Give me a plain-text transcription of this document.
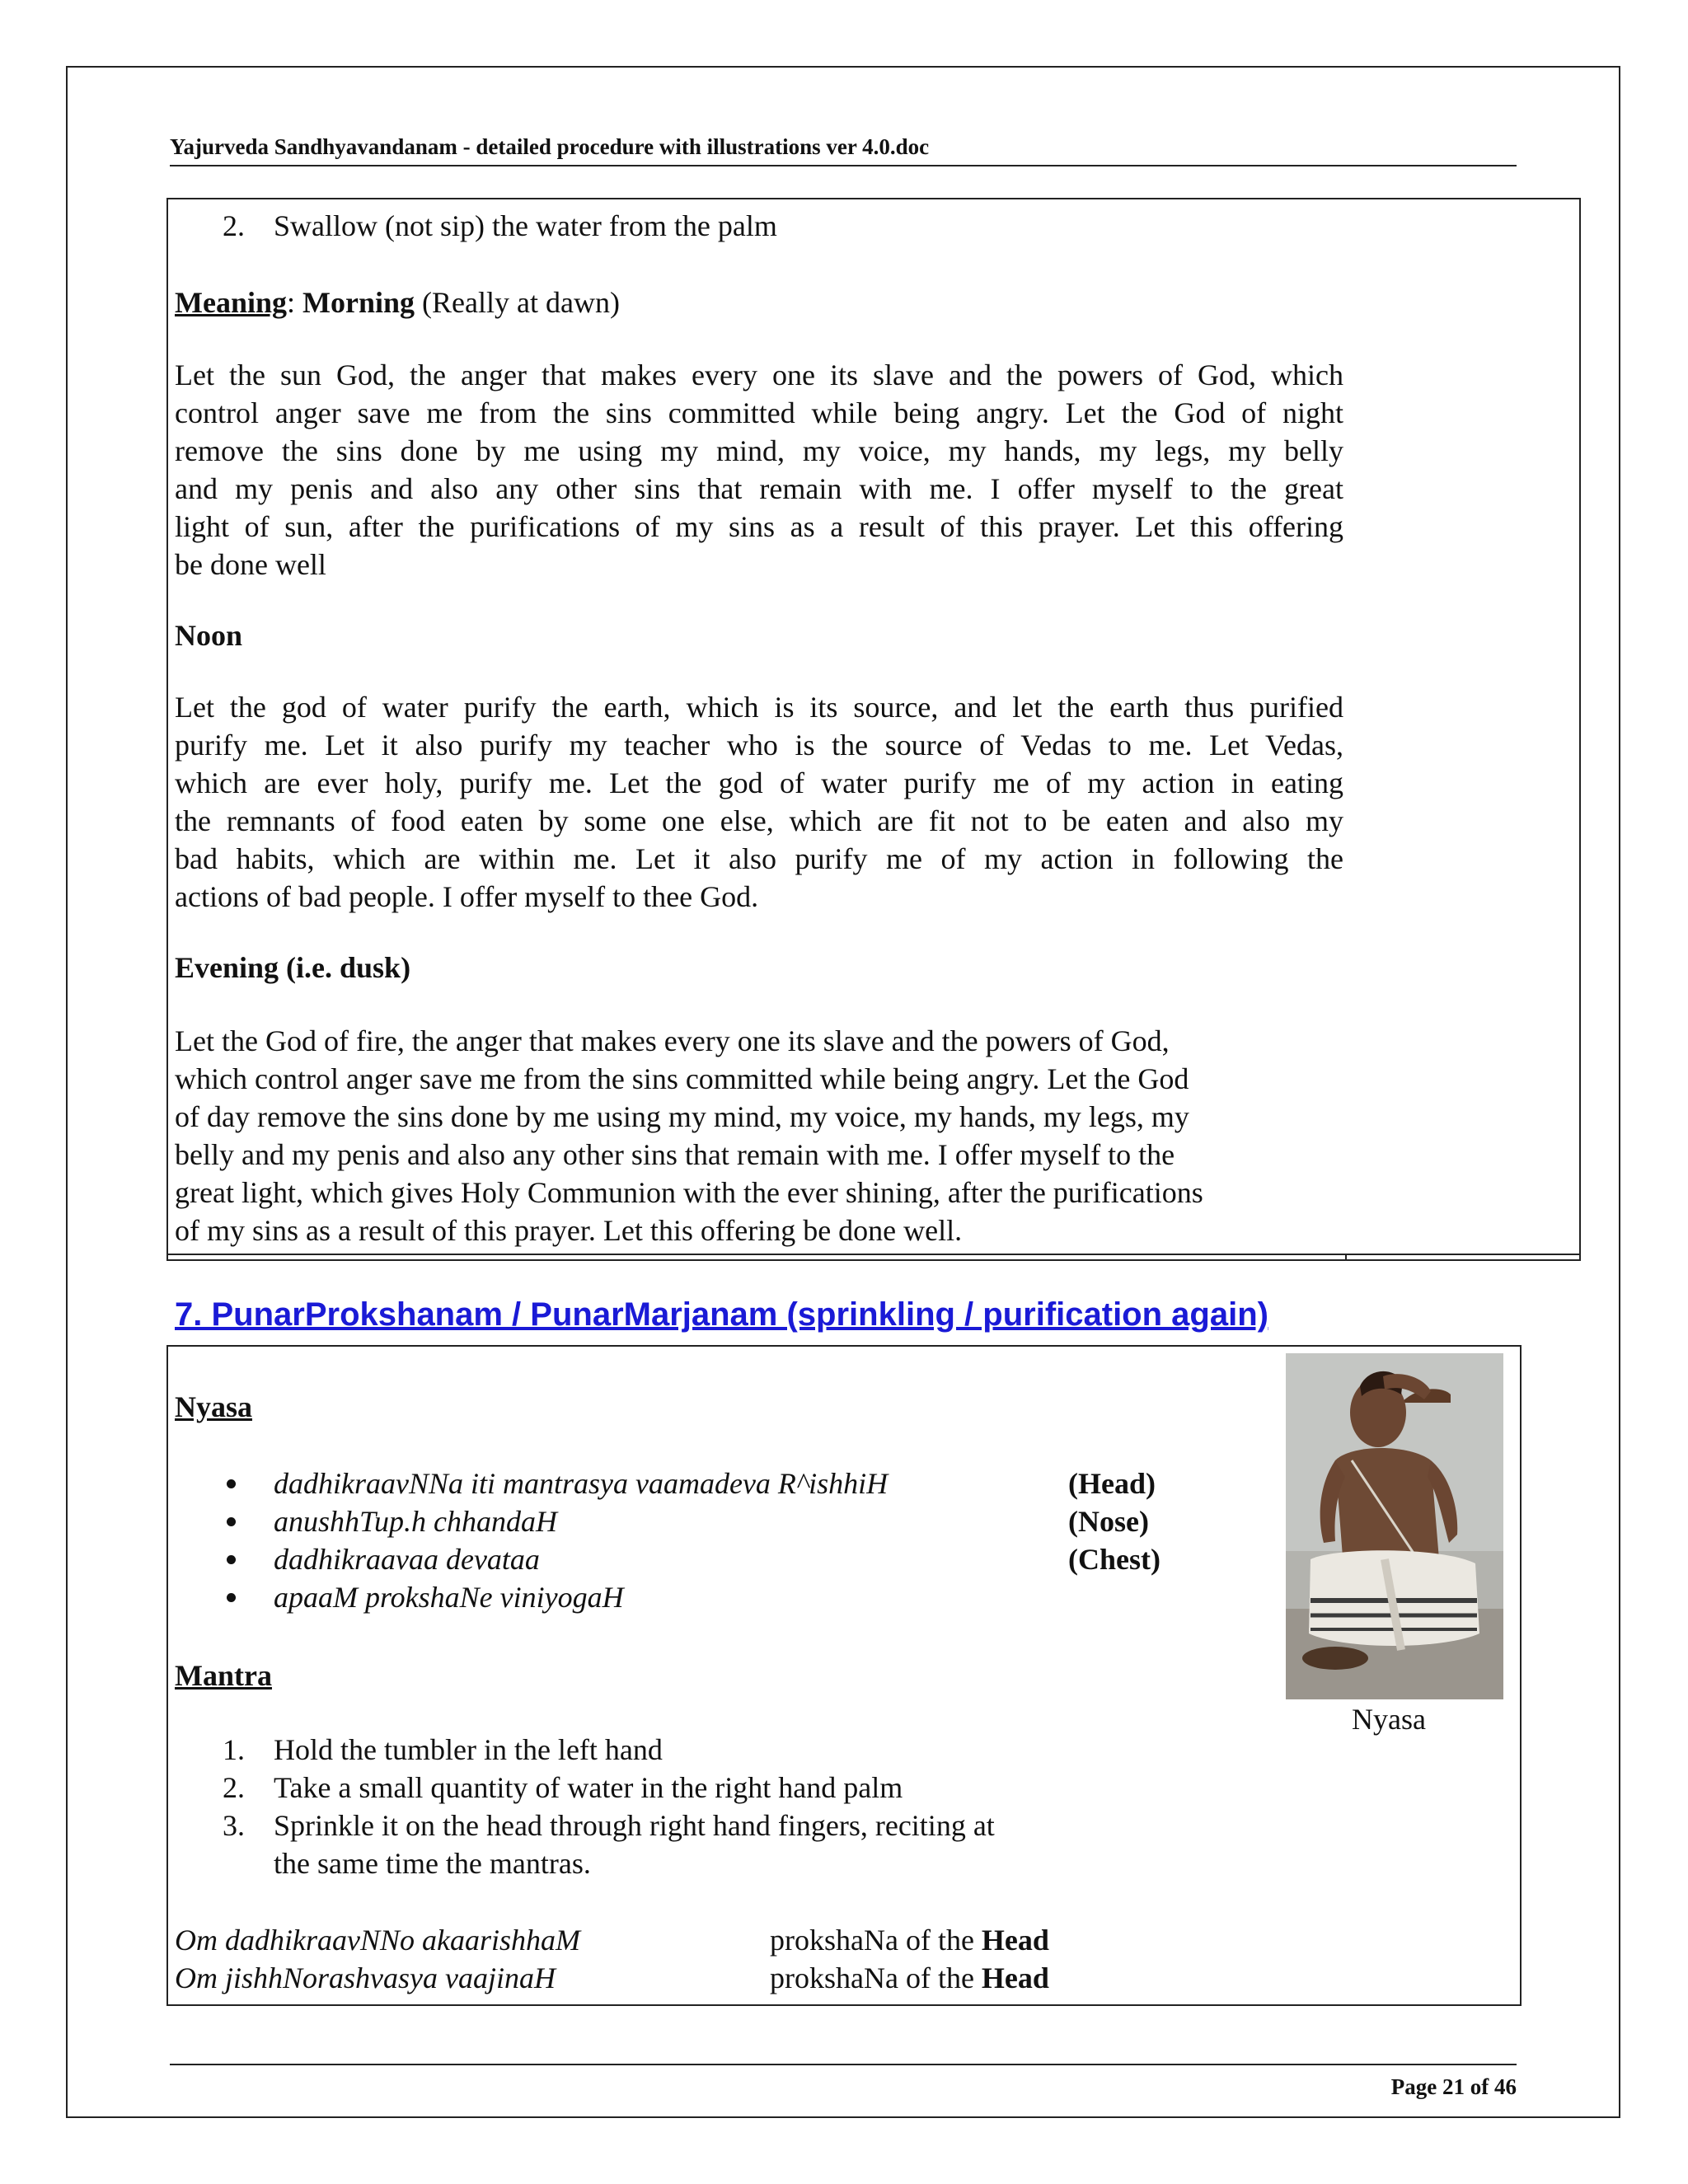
Yajurveda Sandhyavandanam - detailed procedure with illustrations ver 4.0.doc
2. Swallow (not sip) the water from the palm
Meaning: Morning (Really at dawn)
Let the sun God, the anger that makes every one its slave and the powers of God, which
control anger save me from the sins committed while being angry. Let the God of night
remove the sins done by me using my mind, my voice, my hands, my legs, my belly
and my penis and also any other sins that remain with me. I offer myself to the great
light of sun, after the purifications of my sins as a result of this prayer. Let this offering
be done well
Noon
Let the god of water purify the earth, which is its source, and let the earth thus purified
purify me. Let it also purify my teacher who is the source of Vedas to me. Let Vedas,
which are ever holy, purify me. Let the god of water purify me of my action in eating
the remnants of food eaten by some one else, which are fit not to be eaten and also my
bad habits, which are within me. Let it also purify me of my action in following the
actions of bad people. I offer myself to thee God.
Evening (i.e. dusk)
Let the God of fire, the anger that makes every one its slave and the powers of God,
which control anger save me from the sins committed while being angry. Let the God
of day remove the sins done by me using my mind, my voice, my hands, my legs, my
belly and my penis and also any other sins that remain with me. I offer myself to the
great light, which gives Holy Communion with the ever shining, after the purifications
of my sins as a result of this prayer. Let this offering be done well.
7. PunarProkshanam / PunarMarjanam (sprinkling / purification again)
Nyasa
dadhikraavNNa iti mantrasya vaamadeva R^ishhiH	(Head)
anushhTup.h chhandaH	(Nose)
dadhikraavaa devataa	(Chest)
apaaM prokshaNe viniyogaH
Nyasa
Mantra
1. Hold the tumbler in the left hand
2. Take a small quantity of water in the right hand palm
3. Sprinkle it on the head through right hand fingers, reciting at
the same time the mantras.
Om dadhikraavNNo akaarishhaM	prokshaNa of the Head
Om jishhNorashvasya vaajinaH	prokshaNa of the Head
Page 21 of 46
